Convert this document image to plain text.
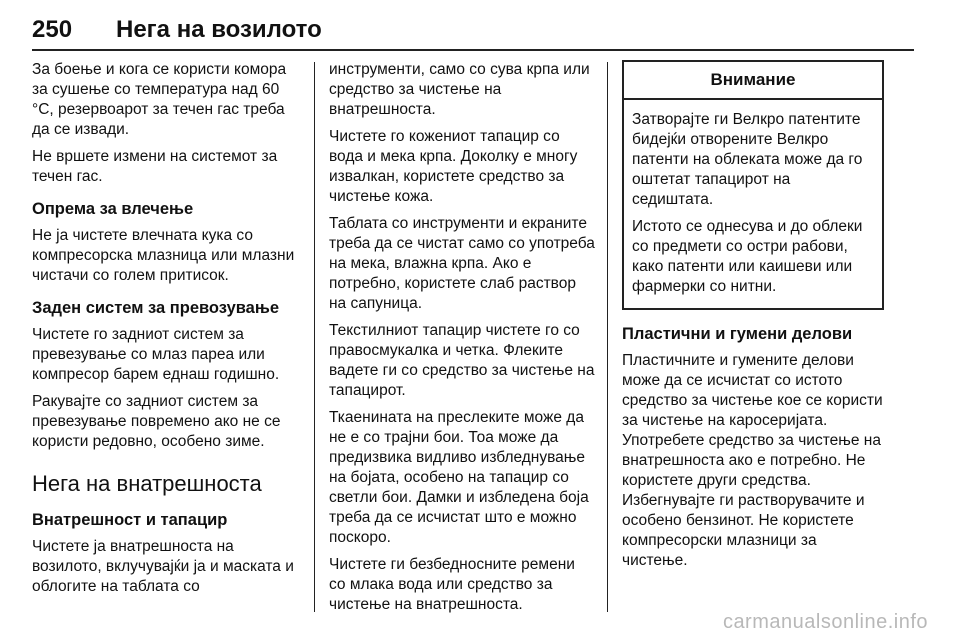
250 Нега на возилото

За боење и кога се користи комора за сушење со температура над 60 °C, резервоарот за течен гас треба да се извади.

Не вршете измени на системот за течен гас.

Опрема за влечење

Не ја чистете влечната кука со компресорска млазница или млазни чистачи со голем притисок.

Заден систем за превозување

Чистете го задниот систем за превезување со млаз пареа или компресор барем еднаш годишно.

Ракувајте со задниот систем за превезување повремено ако не се користи редовно, особено зиме.

Нега на внатрешноста
Внатрешност и тапацир

Чистете ја внатрешноста на возилото, вклучувајќи ја и маската и облогите на таблата со

инструменти, само со сува крпа или средство за чистење на внатрешноста.

Чистете го кожениот тапацир со вода и мека крпа. Доколку е многу извалкан, користете средство за чистење кожа.

Таблата со инструменти и екраните треба да се чистат само со употреба на мека, влажна крпа. Ако е потребно, користете слаб раствор на сапуница.

Текстилниот тапацир чистете го со правосмукалка и четка. Флеките вадете ги со средство за чистење на тапацирот.

Ткаенината на преслеките може да не е со трајни бои. Тоа може да предизвика видливо избледнување на бојата, особено на тапацир со светли бои. Дамки и избледена боја треба да се исчистат што е можно поскоро.

Чистете ги безбедносните ремени со млака вода или средство за чистење на внатрешноста.

Внимание

Затворајте ги Велкро патентите бидејќи отворените Велкро патенти на облеката може да го оштетат тапацирот на седиштата.

Истото се однесува и до облеки со предмети со остри рабови, како патенти или каишеви или фармерки со нитни.

Пластични и гумени делови

Пластичните и гумените делови може да се исчистат со истото средство за чистење кое се користи за чистење на каросеријата. Употребете средство за чистење на внатрешноста ако е потребно. Не користете други средства. Избегнувајте ги растворувачите и особено бензинот. Не користете компресорски млазници за чистење.

carmanualsonline.info
